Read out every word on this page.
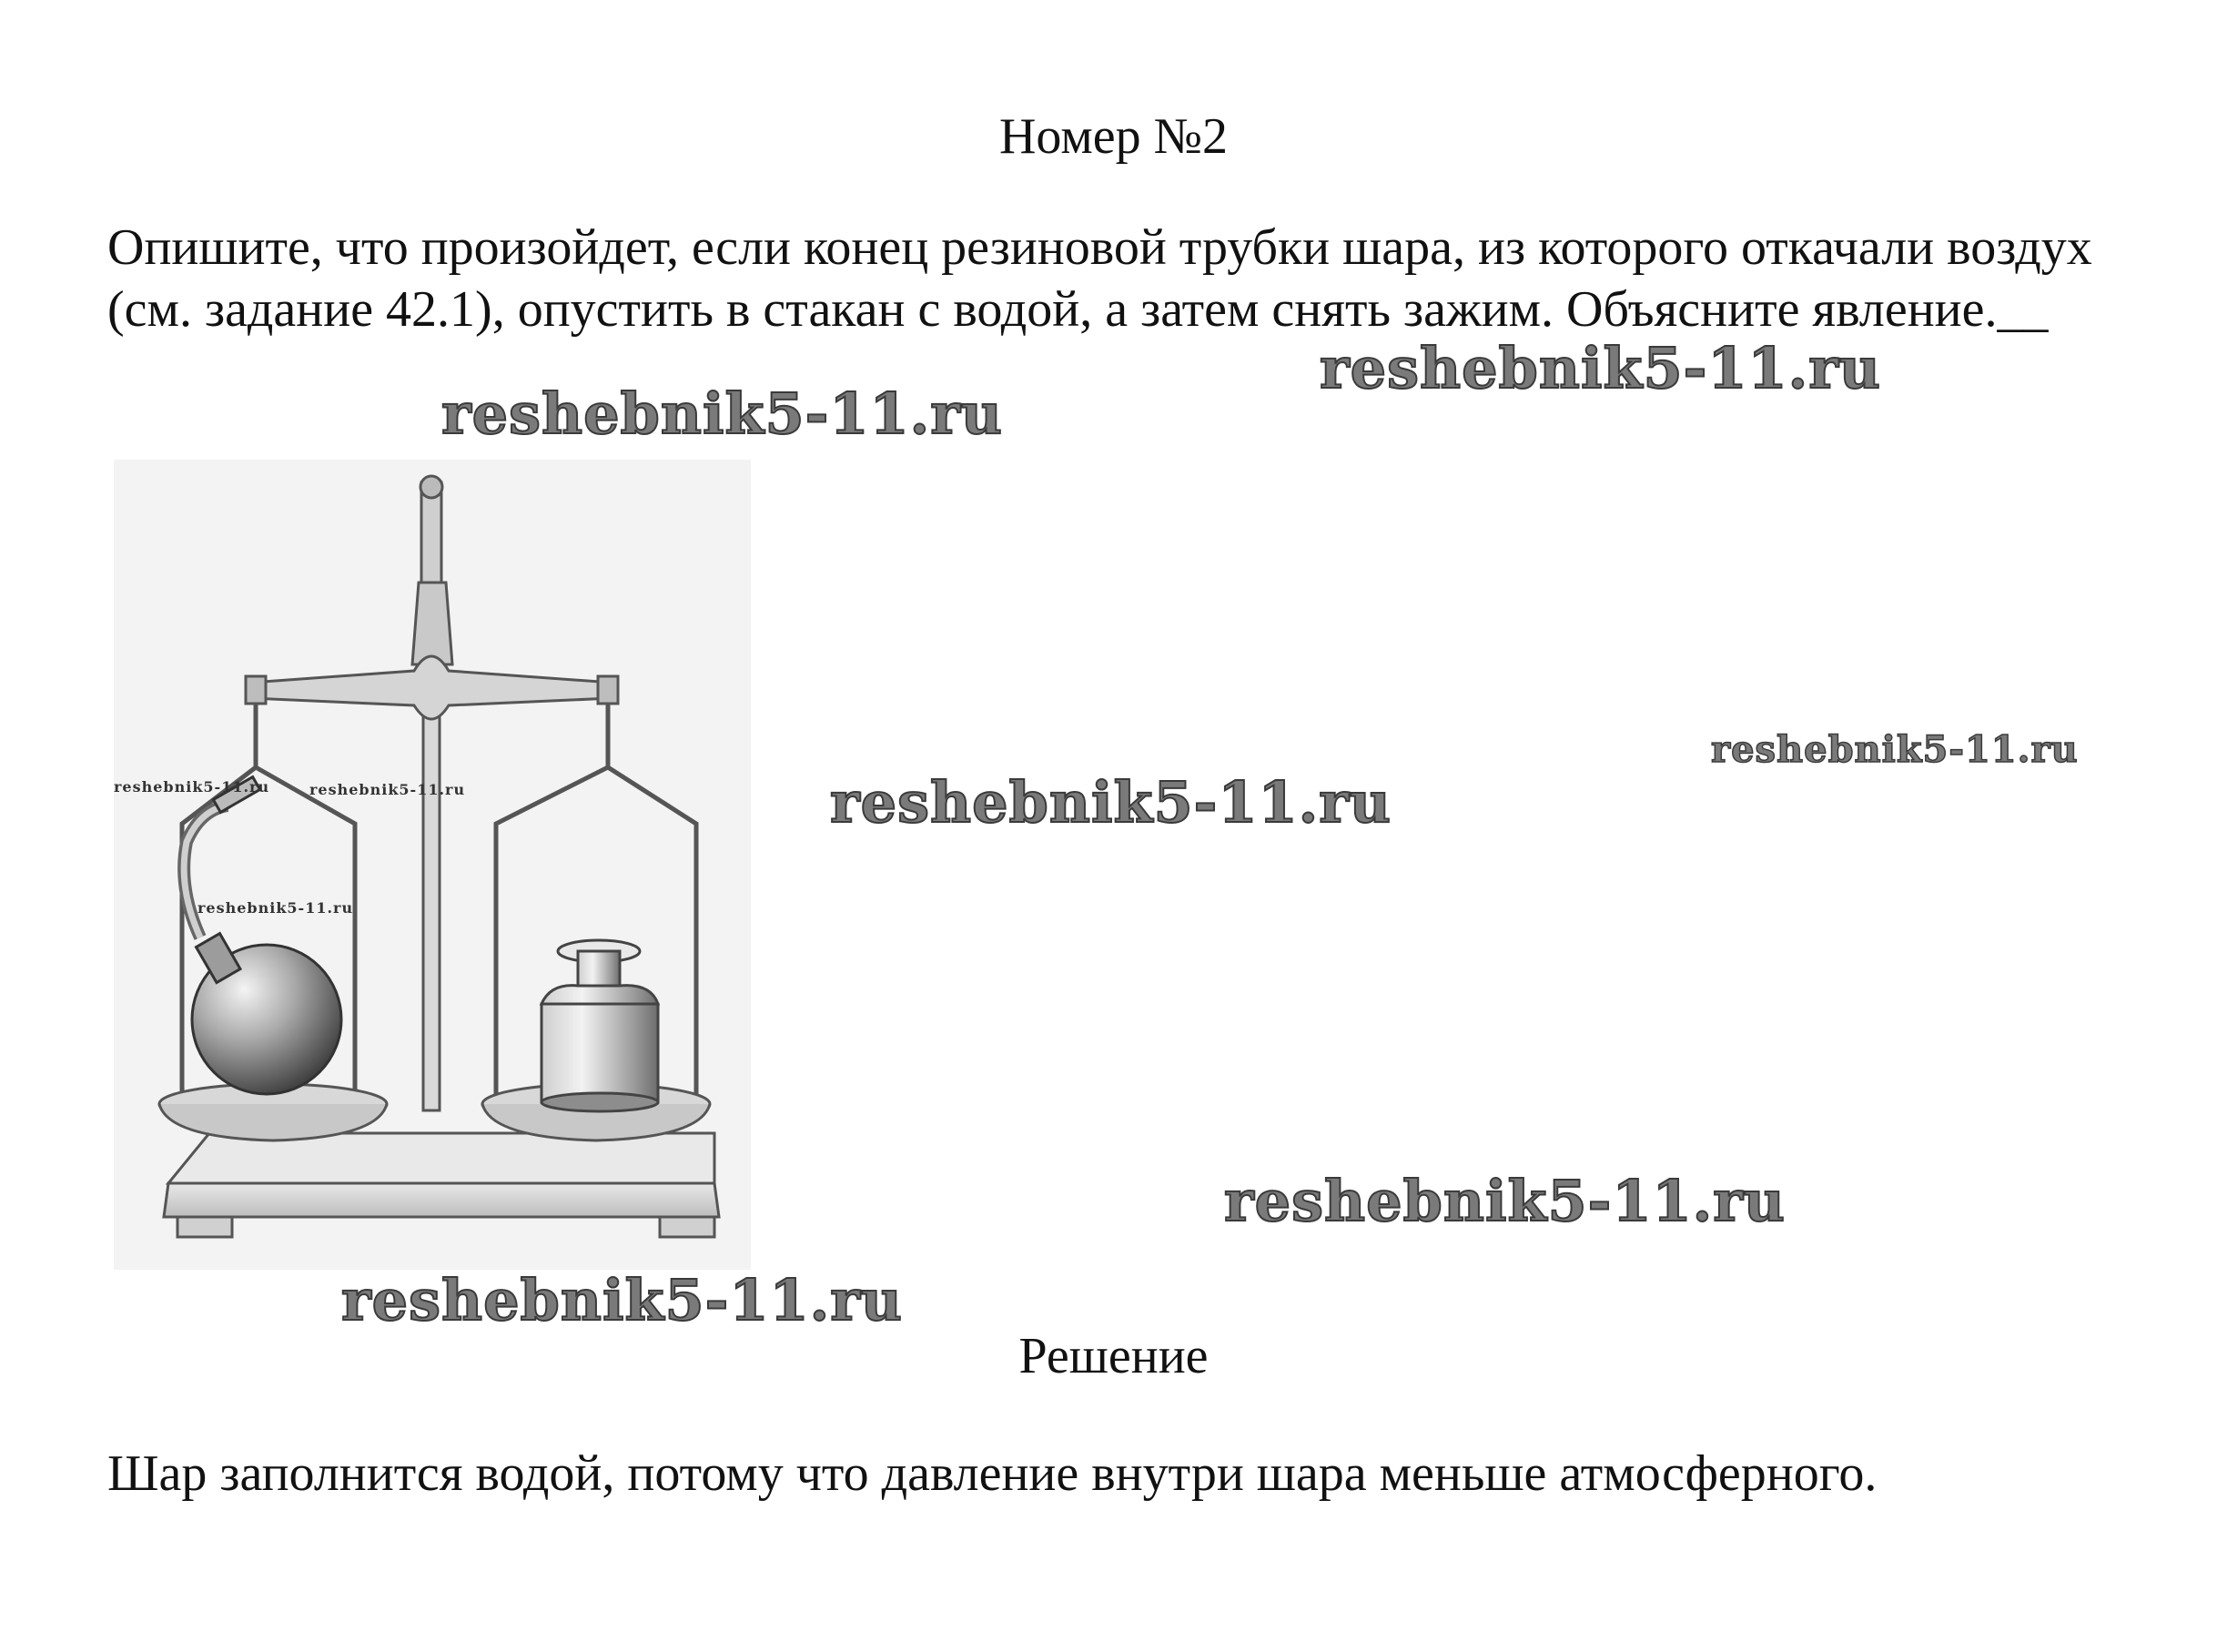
Номер №2
Опишите, что произойдет, если конец резиновой трубки шара, из которого откачали воздух (см. задание 42.1), опустить в стакан с водой, а затем снять зажим. Объясните явление.__
reshebnik5-11.ru
reshebnik5-11.ru
reshebnik5-11.ru
reshebnik5-11.ru
reshebnik5-11.ru
reshebnik5-11.ru
reshebnik5-11.ru	reshebnik5-11.ru
reshebnik5-11.ru
Решение
Шар заполнится водой, потому что давление внутри шара меньше атмосферного.
